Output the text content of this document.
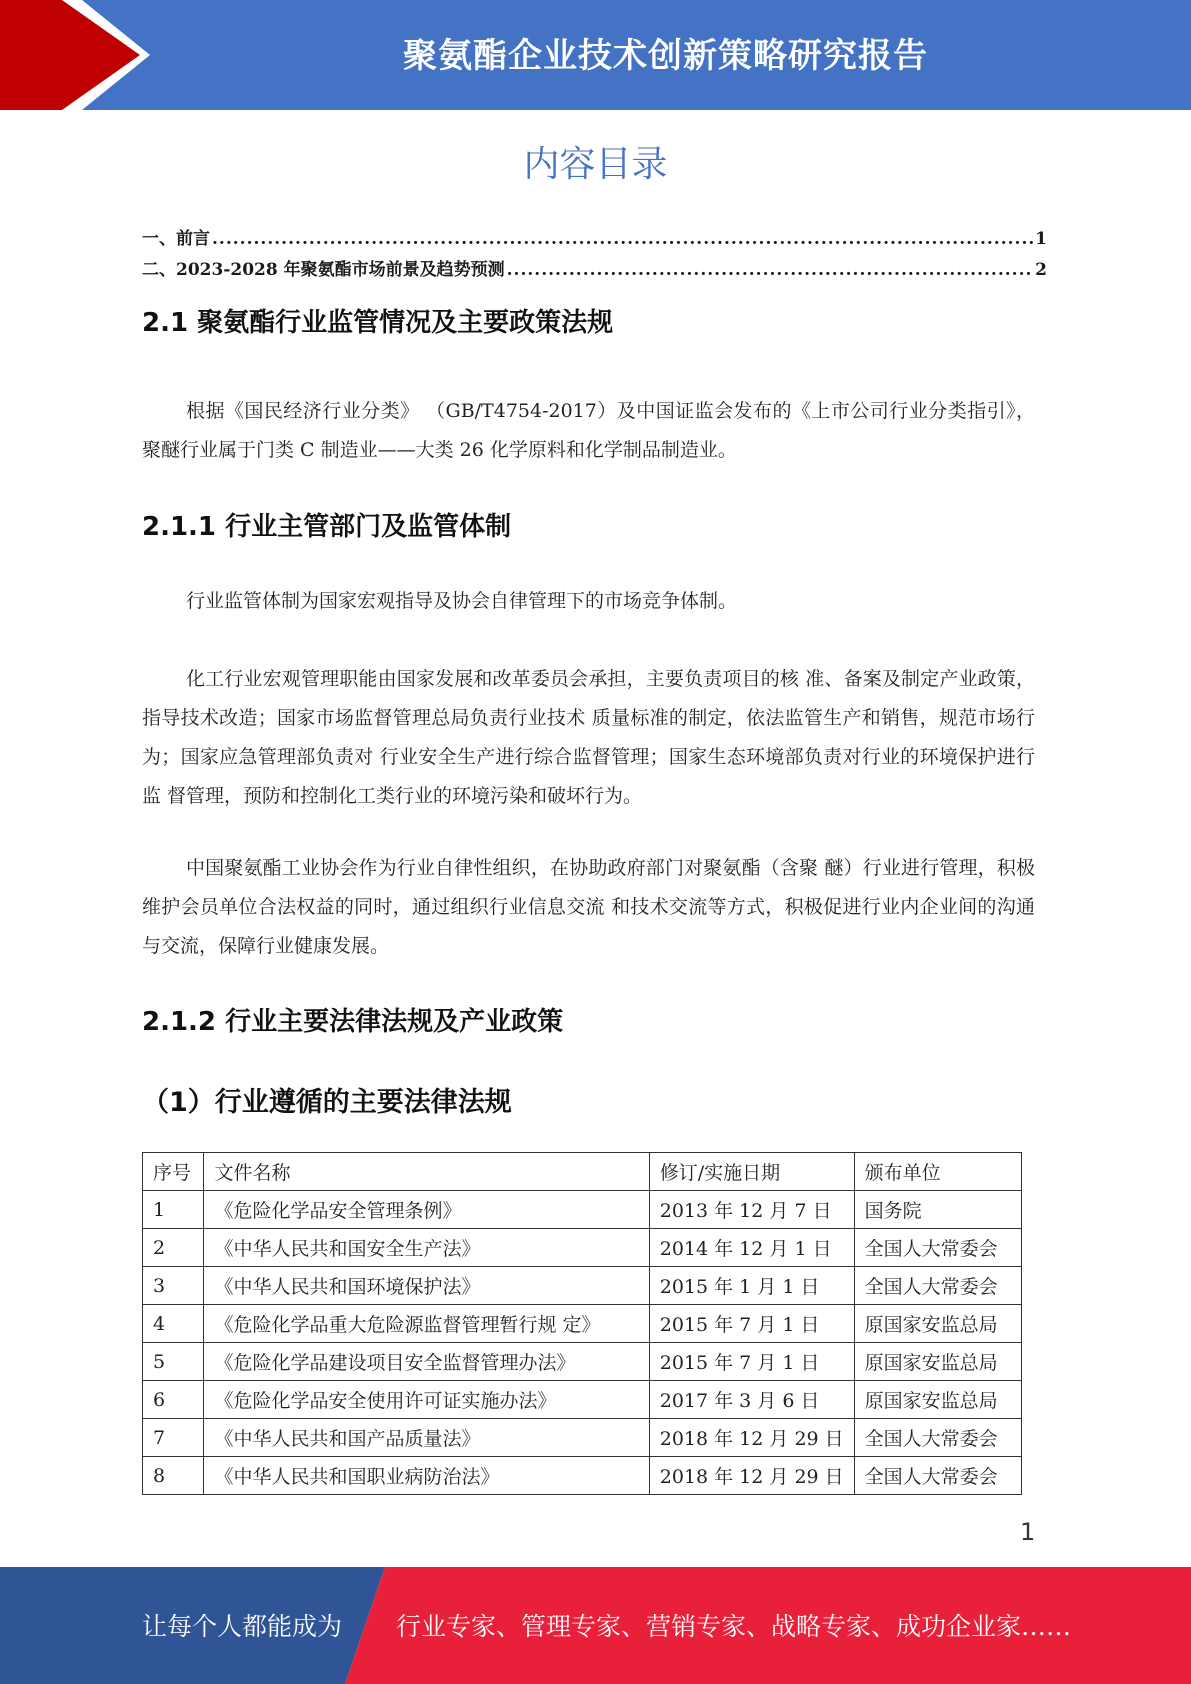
聚氨酯企业技术创新策略研究报告
内容目录
一、前言 .....	1
二、2023-2028 年聚氨酯市场前景及趋势预测 .....	2
2.1 聚氨酯行业监管情况及主要政策法规
根据《国民经济行业分类》 （GB/T4754-2017）及中国证监会发布的《上市公司行业分类指引》，聚醚行业属于门类 C 制造业——大类 26 化学原料和化学制品制造业。
2.1.1 行业主管部门及监管体制
行业监管体制为国家宏观指导及协会自律管理下的市场竞争体制。
化工行业宏观管理职能由国家发展和改革委员会承担，主要负责项目的核 准、备案及制定产业政策，指导技术改造；国家市场监督管理总局负责行业技术 质量标准的制定，依法监管生产和销售，规范市场行为；国家应急管理部负责对 行业安全生产进行综合监督管理；国家生态环境部负责对行业的环境保护进行监 督管理，预防和控制化工类行业的环境污染和破坏行为。
中国聚氨酯工业协会作为行业自律性组织，在协助政府部门对聚氨酯（含聚 醚）行业进行管理，积极维护会员单位合法权益的同时，通过组织行业信息交流 和技术交流等方式，积极促进行业内企业间的沟通与交流，保障行业健康发展。
2.1.2 行业主要法律法规及产业政策
（1）行业遵循的主要法律法规
序号	文件名称	修订/实施日期	颁布单位
1	《危险化学品安全管理条例》	2013 年 12 月 7 日	国务院
2	《中华人民共和国安全生产法》	2014 年 12 月 1 日	全国人大常委会
3	《中华人民共和国环境保护法》	2015 年 1 月 1 日	全国人大常委会
4	《危险化学品重大危险源监督管理暂行规 定》	2015 年 7 月 1 日	原国家安监总局
5	《危险化学品建设项目安全监督管理办法》	2015 年 7 月 1 日	原国家安监总局
6	《危险化学品安全使用许可证实施办法》	2017 年 3 月 6 日	原国家安监总局
7	《中华人民共和国产品质量法》	2018 年 12 月 29 日	全国人大常委会
8	《中华人民共和国职业病防治法》	2018 年 12 月 29 日	全国人大常委会
1
让每个人都能成为 行业专家、管理专家、营销专家、战略专家、成功企业家……
